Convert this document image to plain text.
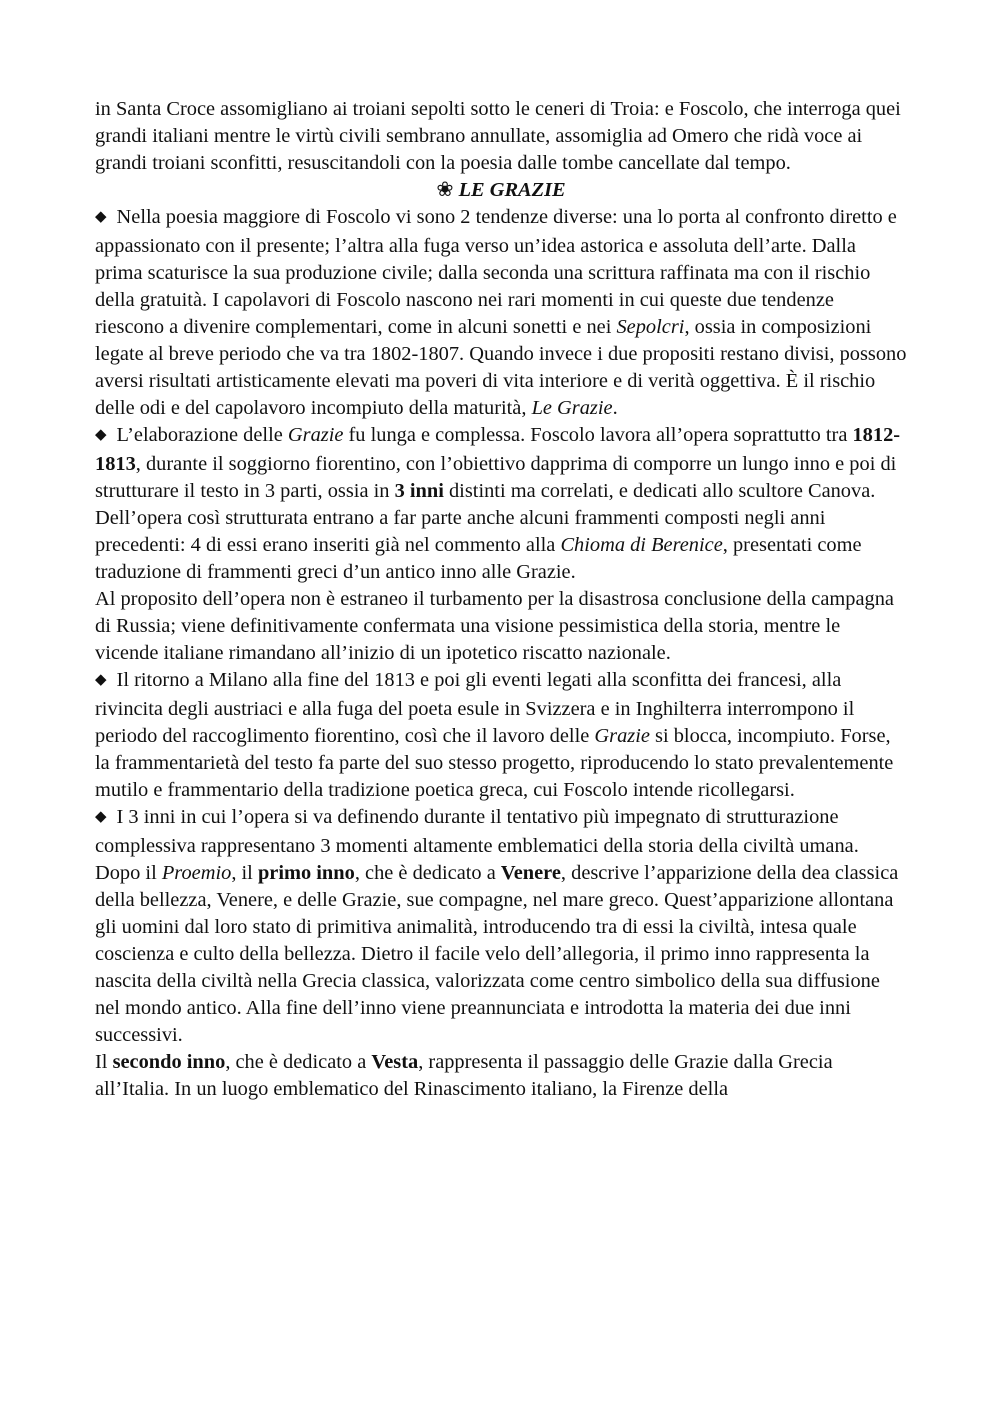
in Santa Croce assomigliano ai troiani sepolti sotto le ceneri di Troia: e Foscolo, che interroga quei grandi italiani mentre le virtù civili sembrano annullate, assomiglia ad Omero che ridà voce ai grandi troiani sconfitti, resuscitandoli con la poesia dalle tombe cancellate dal tempo.

❀ LE GRAZIE

◆ Nella poesia maggiore di Foscolo vi sono 2 tendenze diverse: una lo porta al confronto diretto e appassionato con il presente; l’altra alla fuga verso un’idea astorica e assoluta dell’arte. Dalla prima scaturisce la sua produzione civile; dalla seconda una scrittura raffinata ma con il rischio della gratuità. I capolavori di Foscolo nascono nei rari momenti in cui queste due tendenze riescono a divenire complementari, come in alcuni sonetti e nei Sepolcri, ossia in composizioni legate al breve periodo che va tra 1802-1807. Quando invece i due propositi restano divisi, possono aversi risultati artisticamente elevati ma poveri di vita interiore e di verità oggettiva. È il rischio delle odi e del capolavoro incompiuto della maturità, Le Grazie.

◆ L’elaborazione delle Grazie fu lunga e complessa. Foscolo lavora all’opera soprattutto tra 1812-1813, durante il soggiorno fiorentino, con l’obiettivo dapprima di comporre un lungo inno e poi di strutturare il testo in 3 parti, ossia in 3 inni distinti ma correlati, e dedicati allo scultore Canova. Dell’opera così strutturata entrano a far parte anche alcuni frammenti composti negli anni precedenti: 4 di essi erano inseriti già nel commento alla Chioma di Berenice, presentati come traduzione di frammenti greci d’un antico inno alle Grazie.

Al proposito dell’opera non è estraneo il turbamento per la disastrosa conclusione della campagna di Russia; viene definitivamente confermata una visione pessimistica della storia, mentre le vicende italiane rimandano all’inizio di un ipotetico riscatto nazionale.

◆ Il ritorno a Milano alla fine del 1813 e poi gli eventi legati alla sconfitta dei francesi, alla rivincita degli austriaci e alla fuga del poeta esule in Svizzera e in Inghilterra interrompono il periodo del raccoglimento fiorentino, così che il lavoro delle Grazie si blocca, incompiuto. Forse, la frammentarietà del testo fa parte del suo stesso progetto, riproducendo lo stato prevalentemente mutilo e frammentario della tradizione poetica greca, cui Foscolo intende ricollegarsi.

◆ I 3 inni in cui l’opera si va definendo durante il tentativo più impegnato di strutturazione complessiva rappresentano 3 momenti altamente emblematici della storia della civiltà umana.

Dopo il Proemio, il primo inno, che è dedicato a Venere, descrive l’apparizione della dea classica della bellezza, Venere, e delle Grazie, sue compagne, nel mare greco. Quest’apparizione allontana gli uomini dal loro stato di primitiva animalità, introducendo tra di essi la civiltà, intesa quale coscienza e culto della bellezza. Dietro il facile velo dell’allegoria, il primo inno rappresenta la nascita della civiltà nella Grecia classica, valorizzata come centro simbolico della sua diffusione nel mondo antico. Alla fine dell’inno viene preannunciata e introdotta la materia dei due inni successivi.

Il secondo inno, che è dedicato a Vesta, rappresenta il passaggio delle Grazie dalla Grecia all’Italia. In un luogo emblematico del Rinascimento italiano, la Firenze della
